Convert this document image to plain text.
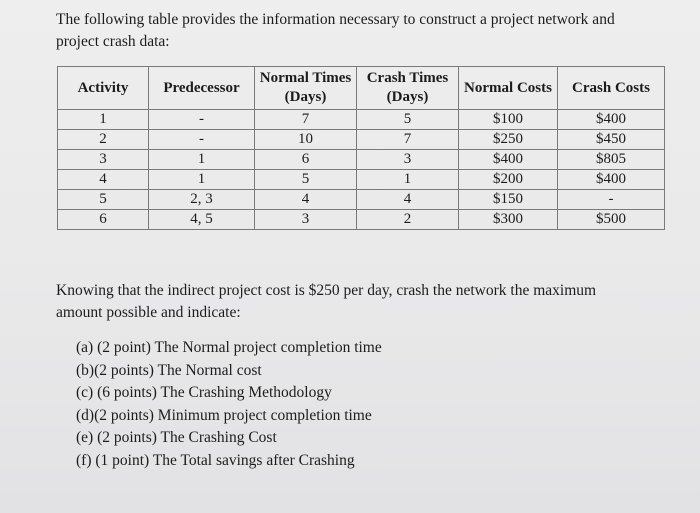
The following table provides the information necessary to construct a project network and project crash data:

Activity	Predecessor	Normal Times (Days)	Crash Times (Days)	Normal Costs	Crash Costs
1	-	7	5	$100	$400
2	-	10	7	$250	$450
3	1	6	3	$400	$805
4	1	5	1	$200	$400
5	2, 3	4	4	$150	-
6	4, 5	3	2	$300	$500

Knowing that the indirect project cost is $250 per day, crash the network the maximum amount possible and indicate:

(a) (2 point) The Normal project completion time
(b)(2 points) The Normal cost
(c) (6 points) The Crashing Methodology
(d)(2 points) Minimum project completion time
(e) (2 points) The Crashing Cost
(f) (1 point) The Total savings after Crashing
